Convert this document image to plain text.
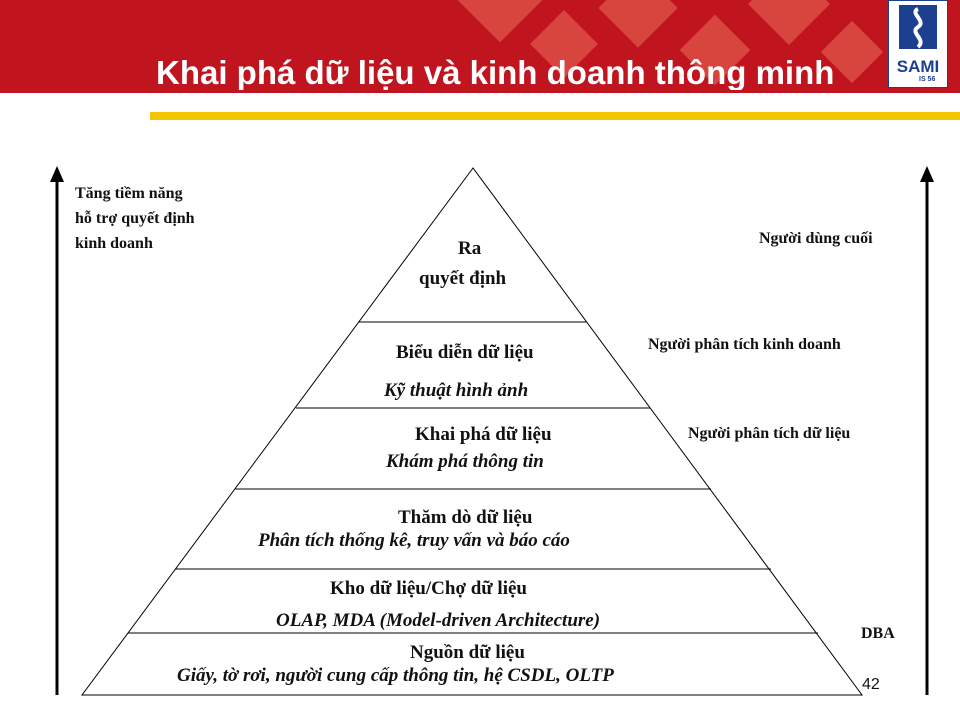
Khai phá dữ liệu và kinh doanh thông minh	SAMI
IS 56
Tăng tiềm năng
hỗ trợ quyết định
kinh doanh	Ra
quyết định
Biểu diễn dữ liệu
Kỹ thuật hình ảnh
Khai phá dữ liệu
Khám phá thông tin
Thăm dò dữ liệu
Phân tích thống kê, truy vấn và báo cáo
Kho dữ liệu/Chợ dữ liệu
OLAP, MDA (Model-driven Architecture)
Nguồn dữ liệu
Giấy, tờ rơi, người cung cấp thông tin, hệ CSDL, OLTP
Người dùng cuối
Người phân tích kinh doanh
Người phân tích dữ liệu
DBA
42
